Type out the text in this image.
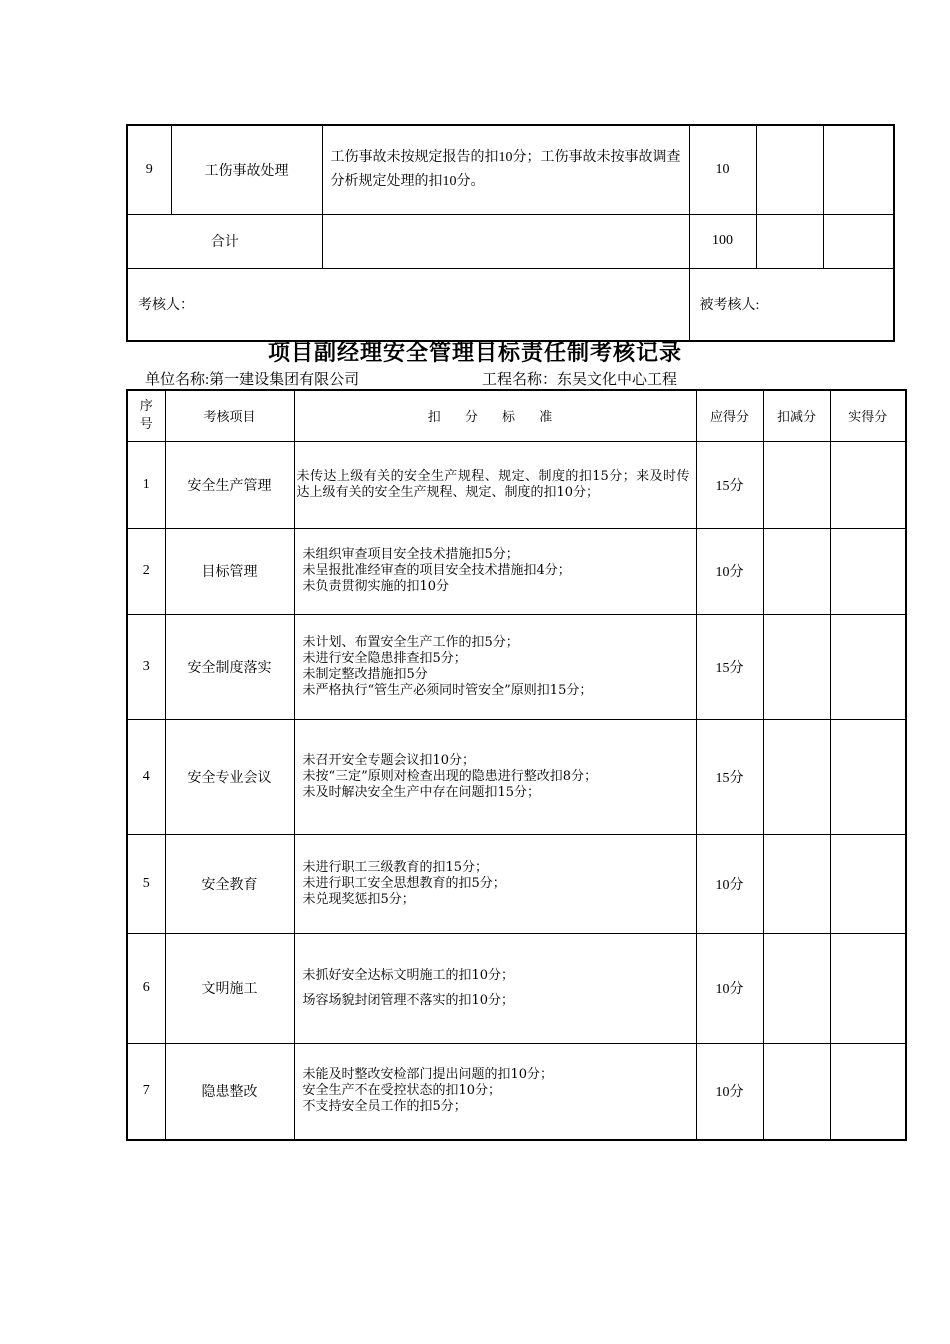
9	工伤事故处理	工伤事故未按规定报告的扣10分；工伤事故未按事故调查分析规定处理的扣10分。	10		
合计			100		
考核人：			被考核人:		
项目副经理安全管理目标责任制考核记录
单位名称:第一建设集团有限公司	工程名称：东吴文化中心工程
序号	考核项目	扣 分 标 准	应得分	扣减分	实得分
1	安全生产管理	未传达上级有关的安全生产规程、规定、制度的扣15分；来及时传达上级有关的安全生产规程、规定、制度的扣10分；	15分		
2	目标管理	未组织审查项目安全技术措施扣5分；
未呈报批准经审查的项目安全技术措施扣4分；
未负责贯彻实施的扣10分	10分		
3	安全制度落实	未计划、布置安全生产工作的扣5分；
未进行安全隐患排查扣5分；
未制定整改措施扣5分
未严格执行“管生产必须同时管安全”原则扣15分；	15分		
4	安全专业会议	未召开安全专题会议扣10分；
未按“三定”原则对检查出现的隐患进行整改扣8分；
未及时解决安全生产中存在问题扣15分；	15分		
5	安全教育	未进行职工三级教育的扣15分；
未进行职工安全思想教育的扣5分；
未兑现奖惩扣5分；	10分		
6	文明施工	未抓好安全达标文明施工的扣10分；
场容场貌封闭管理不落实的扣10分；	10分		
7	隐患整改	未能及时整改安检部门提出问题的扣10分；
安全生产不在受控状态的扣10分；
不支持安全员工作的扣5分；	10分		
